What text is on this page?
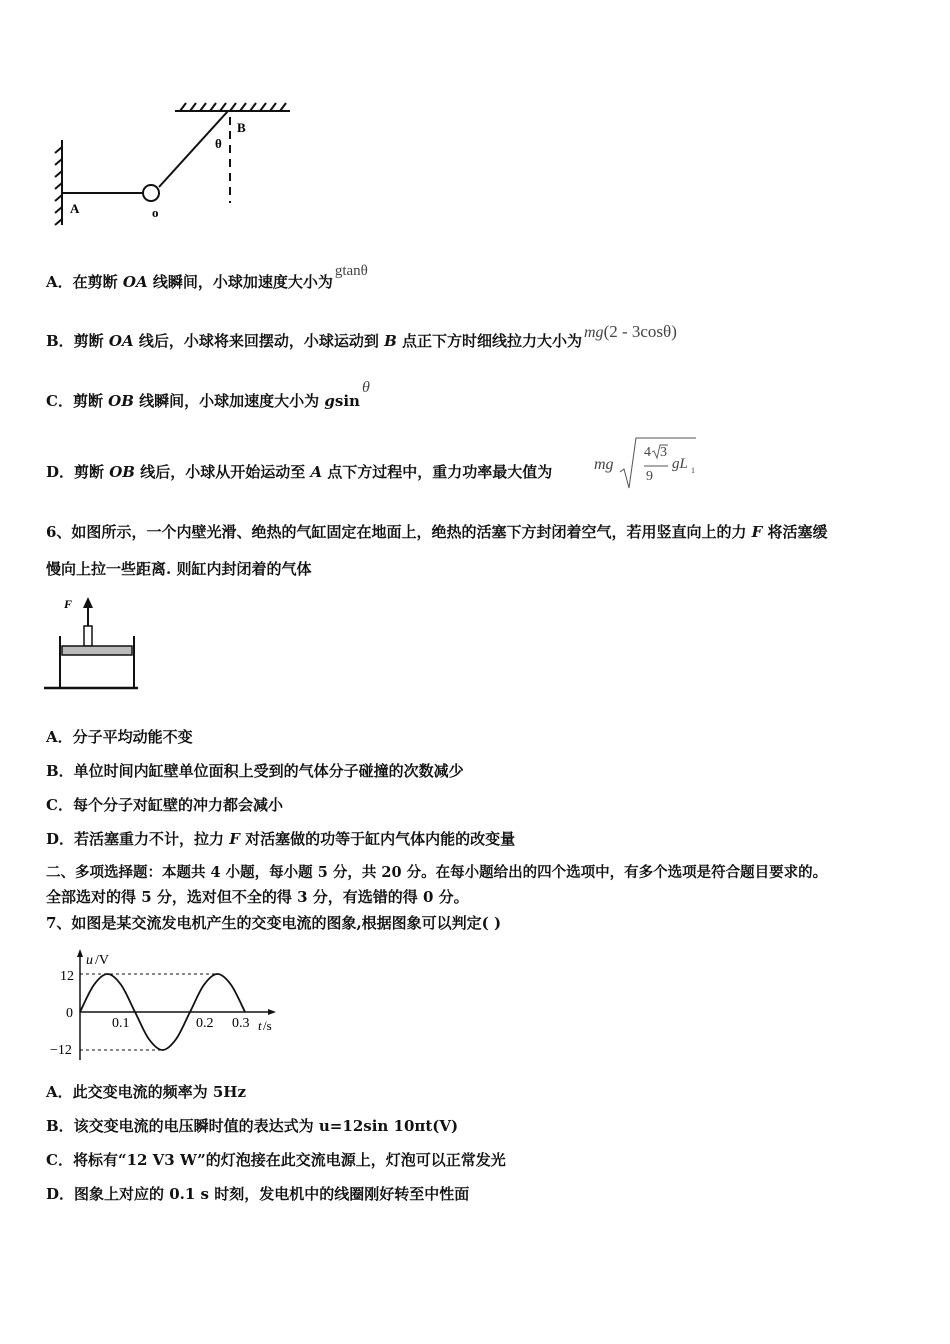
A	o
B
θ
A．在剪断 OA 线瞬间，小球加速度大小为gtanθ
B．剪断 OA 线后，小球将来回摆动，小球运动到 B 点正下方时细线拉力大小为 mg(2 - 3cosθ)
C．剪断 OB 线瞬间，小球加速度大小为 gsinθ
D．剪断 OB 线后，小球从开始运动至 A 点下方过程中，重力功率最大值为	mg
4 3
9
gL 1
6、如图所示，一个内壁光滑、绝热的气缸固定在地面上，绝热的活塞下方封闭着空气，若用竖直向上的力 F 将活塞缓
慢向上拉一些距离. 则缸内封闭着的气体
F
A．分子平均动能不变
B．单位时间内缸壁单位面积上受到的气体分子碰撞的次数减少
C．每个分子对缸壁的冲力都会减小
D．若活塞重力不计，拉力 F 对活塞做的功等于缸内气体内能的改变量
二、多项选择题：本题共 4 小题，每小题 5 分，共 20 分。在每小题给出的四个选项中，有多个选项是符合题目要求的。
全部选对的得 5 分，选对但不全的得 3 分，有选错的得 0 分。
7、如图是某交流发电机产生的交变电流的图象,根据图象可以判定( )
u /V
t /s
12
0
−12
0.1	0.2 0.3
A．此交变电流的频率为 5Hz
B．该交变电流的电压瞬时值的表达式为 u=12sin 10πt(V)
C．将标有“12 V3 W”的灯泡接在此交流电源上，灯泡可以正常发光
D．图象上对应的 0.1 s 时刻，发电机中的线圈刚好转至中性面
